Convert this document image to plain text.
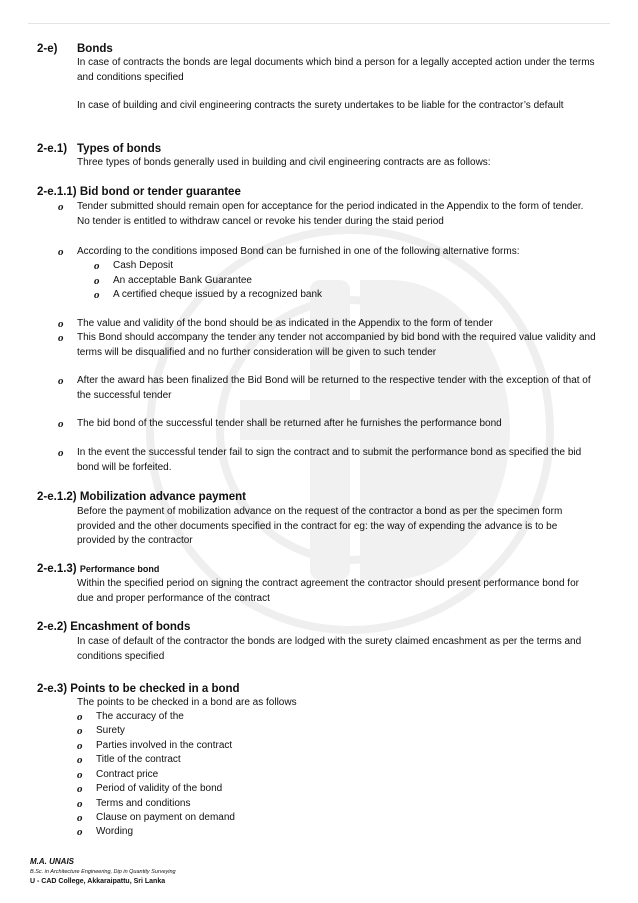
2-e) Bonds
In case of contracts the bonds are legal documents which bind a person for a legally accepted action under the terms and conditions specified
In case of building and civil engineering contracts the surety undertakes to be liable for the contractor’s default
2-e.1) Types of bonds
Three types of bonds generally used in building and civil engineering contracts are as follows:
2-e.1.1) Bid bond or tender guarantee
o Tender submitted should remain open for acceptance for the period indicated in the Appendix to the form of tender. No tender is entitled to withdraw cancel or revoke his tender during the staid period
o According to the conditions imposed Bond can be furnished in one of the following alternative forms:
o Cash Deposit
o An acceptable Bank Guarantee
o A certified cheque issued by a recognized bank
o The value and validity of the bond should be as indicated in the Appendix to the form of tender
o This Bond should accompany the tender any tender not accompanied by bid bond with the required value validity and terms will be disqualified and no further consideration will be given to such tender
o After the award has been finalized the Bid Bond will be returned to the respective tender with the exception of that of the successful tender
o The bid bond of the successful tender shall be returned after he furnishes the performance bond
o In the event the successful tender fail to sign the contract and to submit the performance bond as specified the bid bond will be forfeited.
2-e.1.2) Mobilization advance payment
Before the payment of mobilization advance on the request of the contractor a bond as per the specimen form provided and the other documents specified in the contract for eg: the way of expending the advance is to be provided by the contractor
2-e.1.3) Performance bond
Within the specified period on signing the contract agreement the contractor should present performance bond for due and proper performance of the contract
2-e.2) Encashment of bonds
In case of default of the contractor the bonds are lodged with the surety claimed encashment as per the terms and conditions specified
2-e.3) Points to be checked in a bond
The points to be checked in a bond are as follows
o The accuracy of the
o Surety
o Parties involved in the contract
o Title of the contract
o Contract price
o Period of validity of the bond
o Terms and conditions
o Clause on payment on demand
o Wording
M.A. UNAIS
B.Sc. in Architecture Engineering, Dip in Quantity Surveying
U - CAD College, Akkaraipattu, Sri Lanka
